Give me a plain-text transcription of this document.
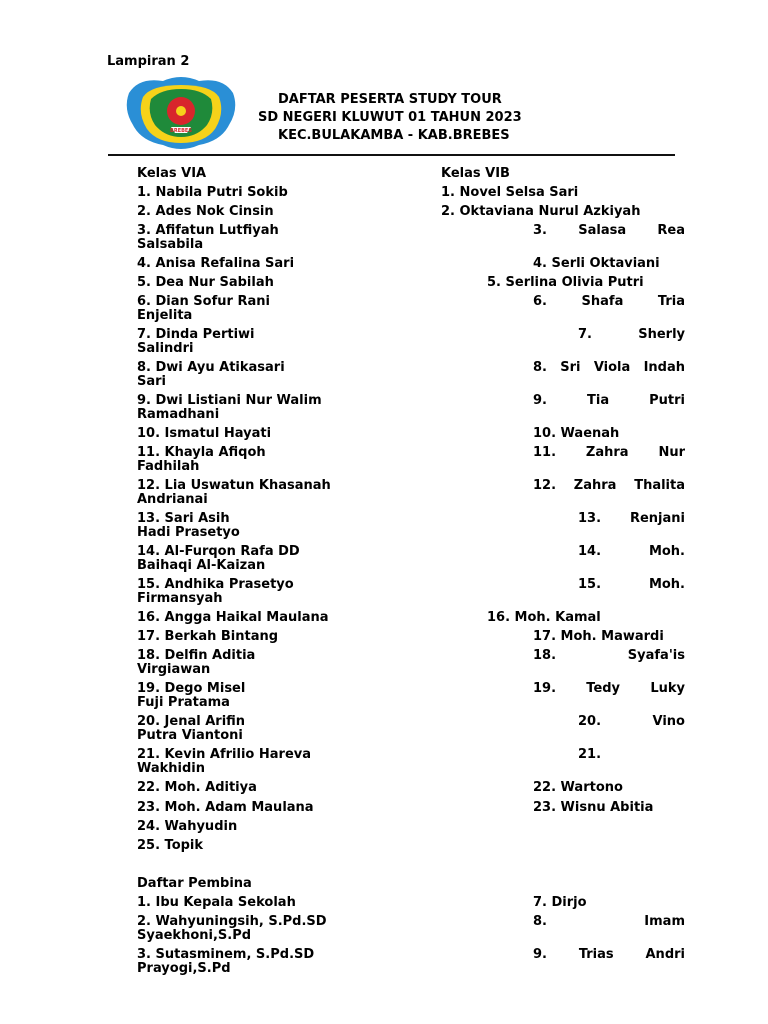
Lampiran 2
BREBES
DAFTAR PESERTA STUDY TOUR
SD NEGERI KLUWUT 01 TAHUN 2023
KEC.BULAKAMBA - KAB.BREBES
Kelas VIA
1. Nabila Putri Sokib
2. Ades Nok Cinsin
3. Afifatun Lutfiyah
Salsabila
4. Anisa Refalina Sari
5. Dea Nur Sabilah
6. Dian Sofur Rani
Enjelita
7. Dinda Pertiwi
Salindri
8. Dwi Ayu Atikasari
Sari
9. Dwi Listiani Nur Walim
Ramadhani
10. Ismatul Hayati
11. Khayla Afiqoh
Fadhilah
12. Lia Uswatun Khasanah
Andrianai
13. Sari Asih
Hadi Prasetyo
14. Al-Furqon Rafa DD
Baihaqi Al-Kaizan
15. Andhika Prasetyo
Firmansyah
16. Angga Haikal Maulana
17. Berkah Bintang
18. Delfin Aditia
Virgiawan
19. Dego Misel
Fuji Pratama
20. Jenal Arifin
Putra Viantoni
21. Kevin Afrilio Hareva
Wakhidin
22. Moh. Aditiya
23. Moh. Adam Maulana
24. Wahyudin
25. Topik
Kelas VIB
1. Novel Selsa Sari
2. Oktaviana Nurul Azkiyah
3. Salasa Rea
4. Serli Oktaviani
5. Serlina Olivia Putri
6.	Shafa	Tria
7.	Sherly
8. Sri Viola Indah
9.	Tia	Putri
10. Waenah
11. Zahra Nur
12. Zahra Thalita
13. Renjani
14.	Moh.
15.	Moh.
16. Moh. Kamal
17. Moh. Mawardi
18.	Syafa'is
19. Tedy Luky
20.	Vino
21.
22. Wartono
23. Wisnu Abitia
Daftar Pembina
1. Ibu Kepala Sekolah
2. Wahyuningsih, S.Pd.SD
Syaekhoni,S.Pd
3. Sutasminem, S.Pd.SD
Prayogi,S.Pd
7. Dirjo
8.	Imam
9. Trias Andri
